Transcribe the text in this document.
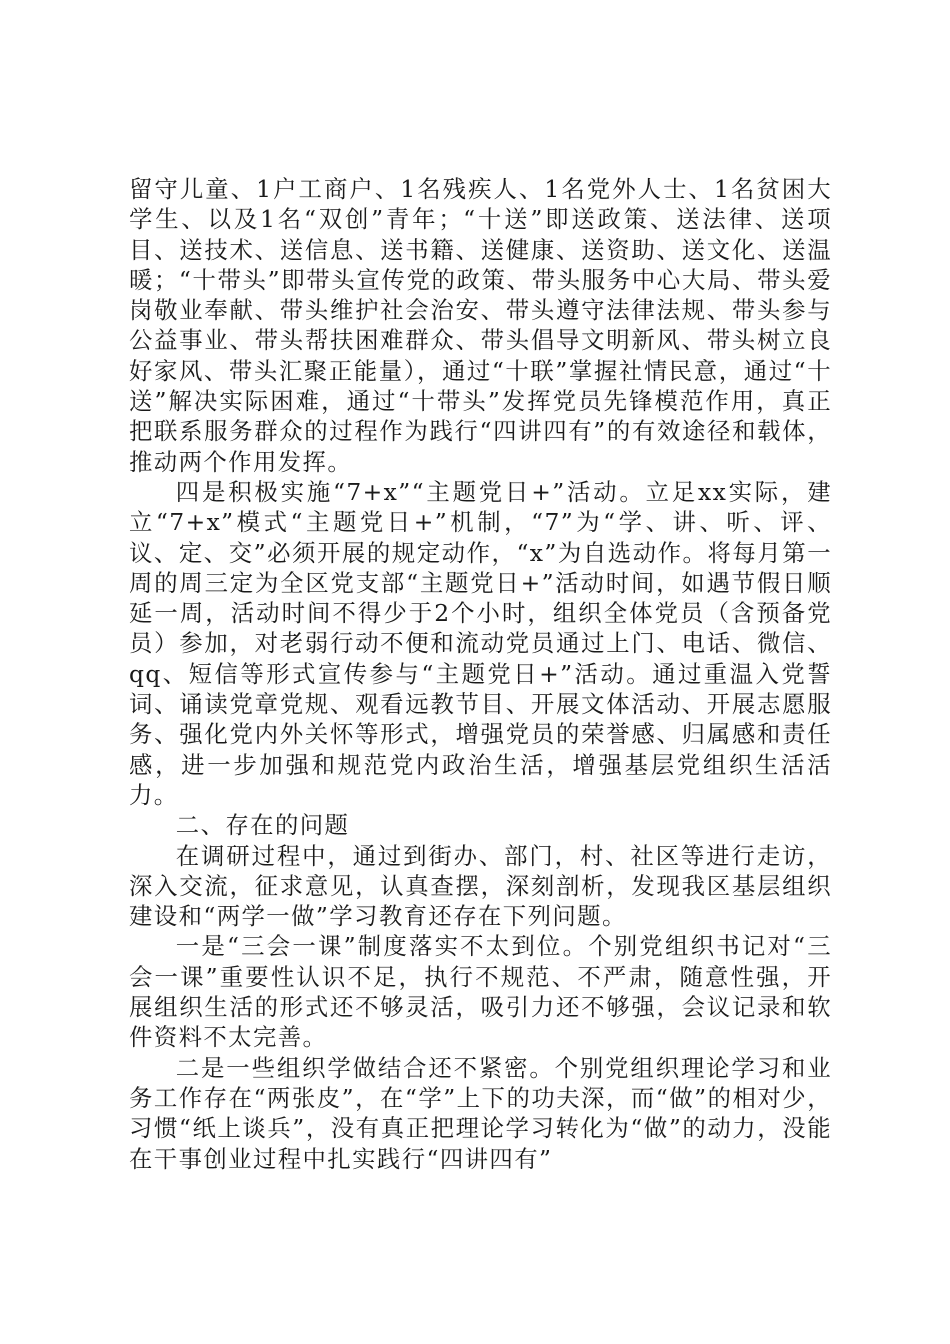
留守儿童、1户工商户、1名残疾人、1名党外人士、1名贫困大学生、以及1名“双创”青年；“十送”即送政策、送法律、送项目、送技术、送信息、送书籍、送健康、送资助、送文化、送温暖；“十带头”即带头宣传党的政策、带头服务中心大局、带头爱岗敬业奉献、带头维护社会治安、带头遵守法律法规、带头参与公益事业、带头帮扶困难群众、带头倡导文明新风、带头树立良好家风、带头汇聚正能量），通过“十联”掌握社情民意，通过“十送”解决实际困难，通过“十带头”发挥党员先锋模范作用，真正把联系服务群众的过程作为践行“四讲四有”的有效途径和载体，推动两个作用发挥。

四是积极实施“7+x”“主题党日+”活动。立足xx实际，建立“7+x”模式“主题党日+”机制，“7”为“学、讲、听、评、议、定、交”必须开展的规定动作，“x”为自选动作。将每月第一周的周三定为全区党支部“主题党日+”活动时间，如遇节假日顺延一周，活动时间不得少于2个小时，组织全体党员（含预备党员）参加，对老弱行动不便和流动党员通过上门、电话、微信、qq、短信等形式宣传参与“主题党日+”活动。通过重温入党誓词、诵读党章党规、观看远教节目、开展文体活动、开展志愿服务、强化党内外关怀等形式，增强党员的荣誉感、归属感和责任感，进一步加强和规范党内政治生活，增强基层党组织生活活力。

二、存在的问题

在调研过程中，通过到街办、部门，村、社区等进行走访，深入交流，征求意见，认真查摆，深刻剖析，发现我区基层组织建设和“两学一做”学习教育还存在下列问题。

一是“三会一课”制度落实不太到位。个别党组织书记对“三会一课”重要性认识不足，执行不规范、不严肃，随意性强，开展组织生活的形式还不够灵活，吸引力还不够强，会议记录和软件资料不太完善。

二是一些组织学做结合还不紧密。个别党组织理论学习和业务工作存在“两张皮”，在“学”上下的功夫深，而“做”的相对少，习惯“纸上谈兵”，没有真正把理论学习转化为“做”的动力，没能在干事创业过程中扎实践行“四讲四有”
